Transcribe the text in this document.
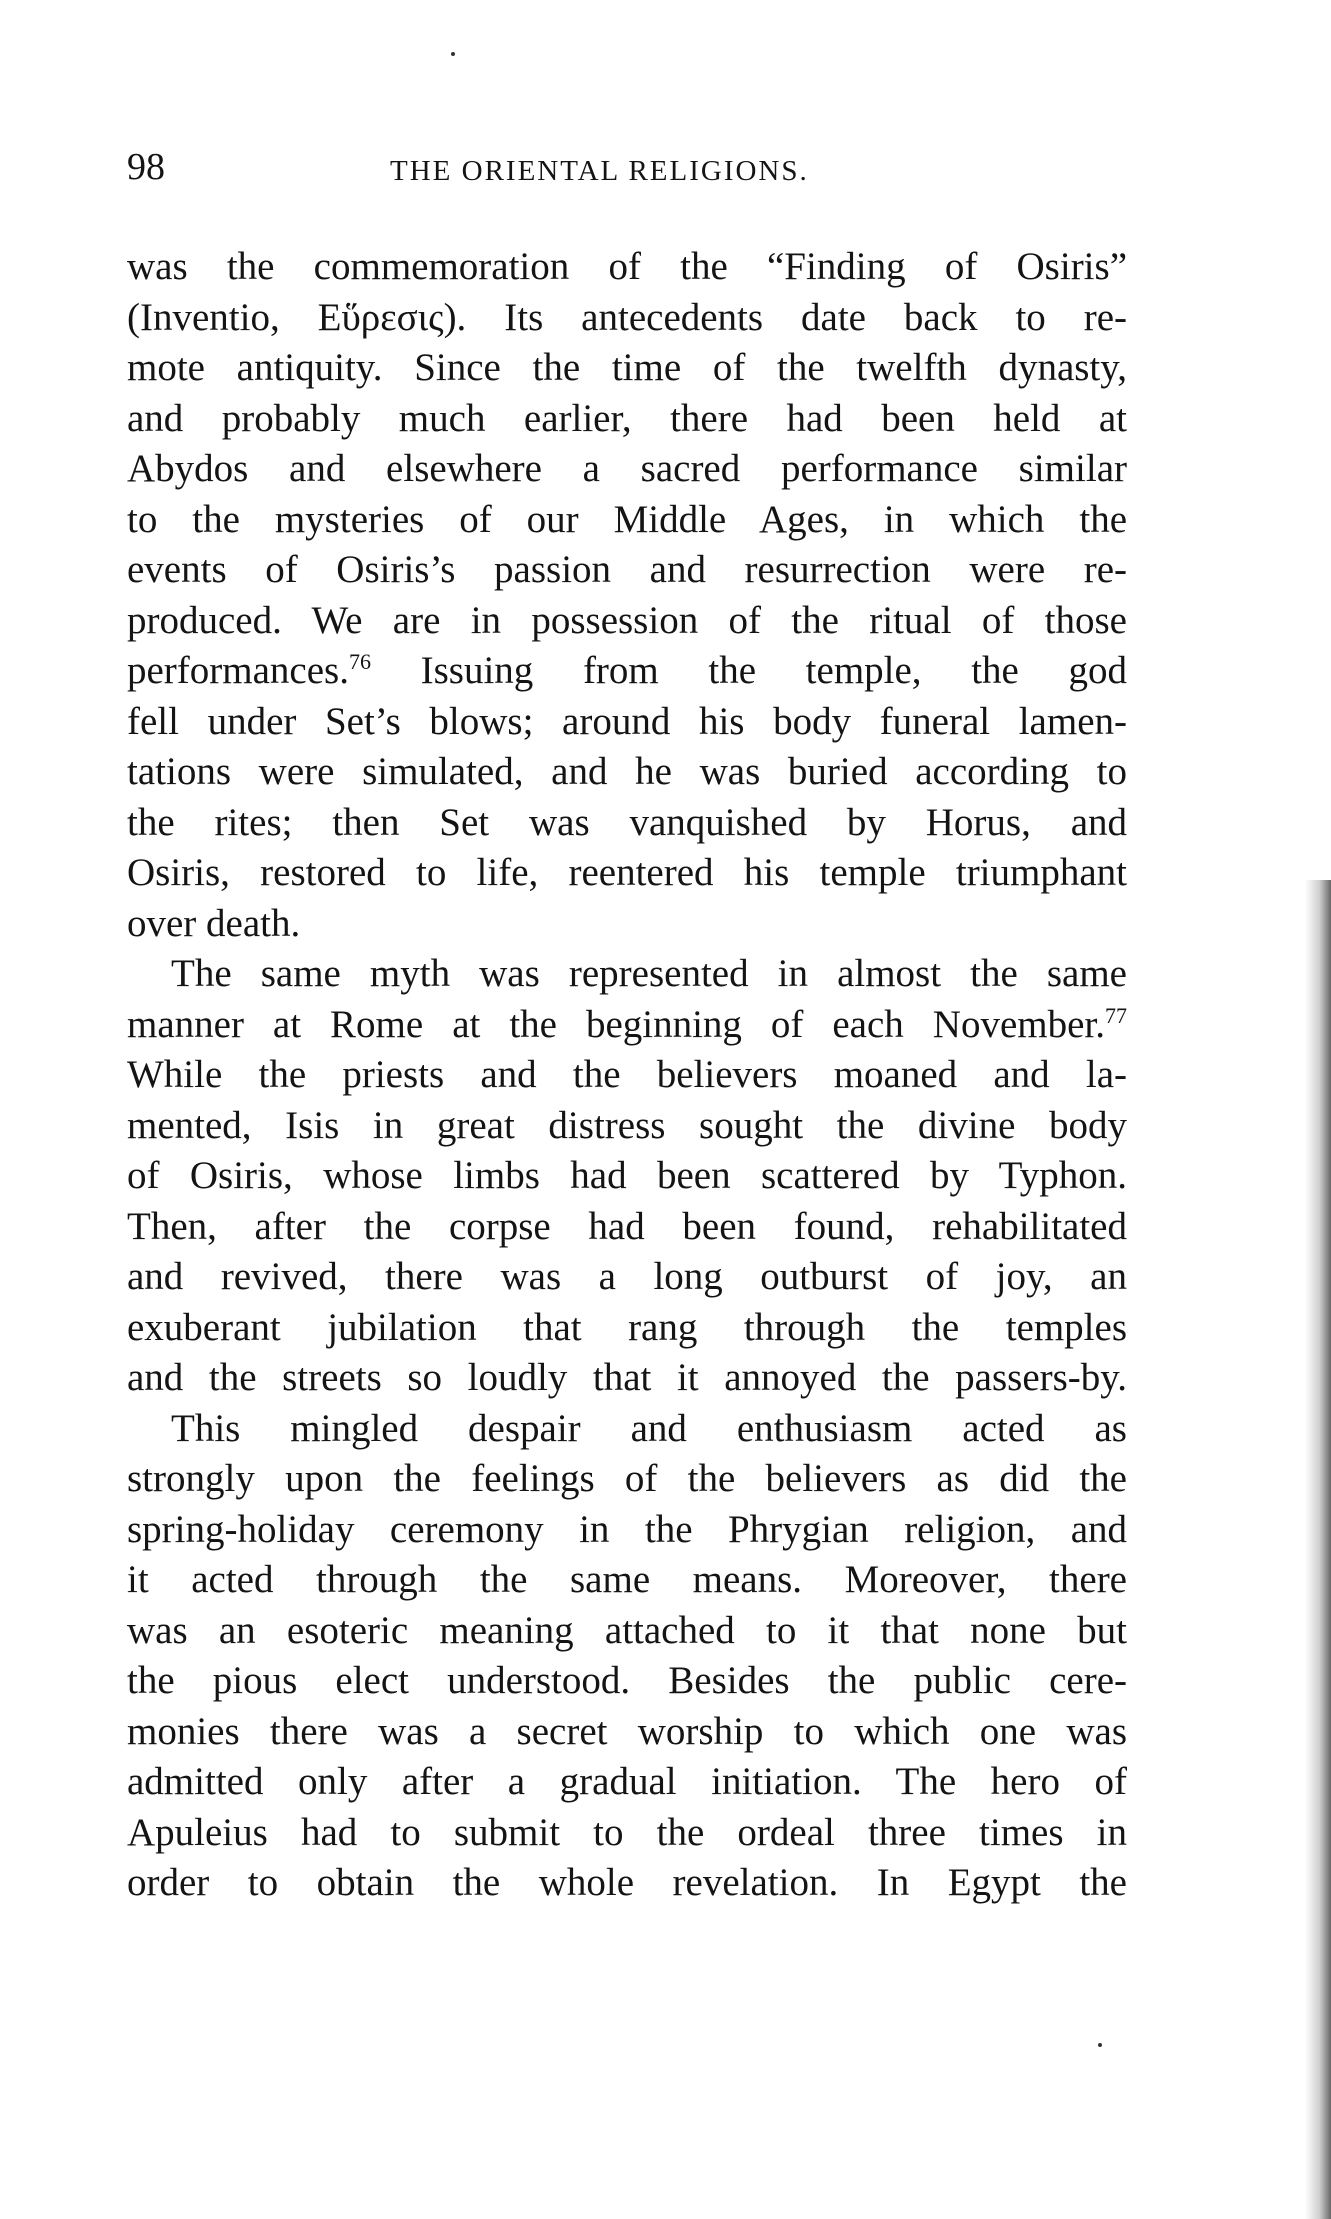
98	THE ORIENTAL RELIGIONS.
was the commemoration of the “Finding of Osiris”
(Inventio, Εὕρεσις). Its antecedents date back to re-
mote antiquity. Since the time of the twelfth dynasty,
and probably much earlier, there had been held at
Abydos and elsewhere a sacred performance similar
to the mysteries of our Middle Ages, in which the
events of Osiris’s passion and resurrection were re-
produced. We are in possession of the ritual of those
performances.$^{76}$ Issuing from the temple, the god
fell under Set’s blows; around his body funeral lamen-
tations were simulated, and he was buried according to
the rites; then Set was vanquished by Horus, and
Osiris, restored to life, reentered his temple triumphant
over death.
The same myth was represented in almost the same
manner at Rome at the beginning of each November.$^{77}$
While the priests and the believers moaned and la-
mented, Isis in great distress sought the divine body
of Osiris, whose limbs had been scattered by Typhon.
Then, after the corpse had been found, rehabilitated
and revived, there was a long outburst of joy, an
exuberant jubilation that rang through the temples
and the streets so loudly that it annoyed the passers-by.
This mingled despair and enthusiasm acted as
strongly upon the feelings of the believers as did the
spring-holiday ceremony in the Phrygian religion, and
it acted through the same means. Moreover, there
was an esoteric meaning attached to it that none but
the pious elect understood. Besides the public cere-
monies there was a secret worship to which one was
admitted only after a gradual initiation. The hero of
Apuleius had to submit to the ordeal three times in
order to obtain the whole revelation. In Egypt the
